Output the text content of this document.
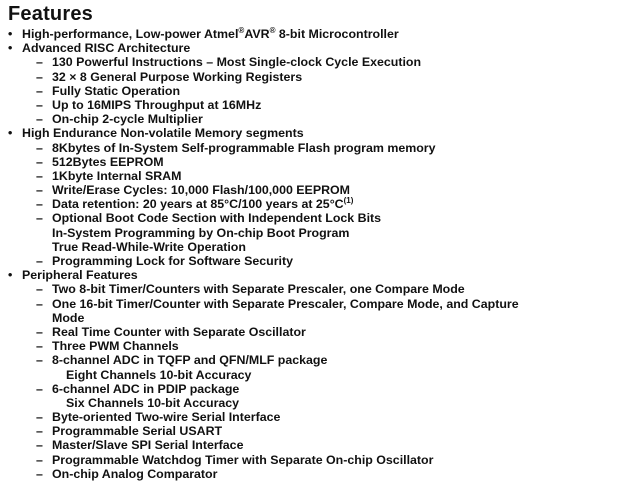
Features
• High-performance, Low-power Atmel®AVR® 8-bit Microcontroller
• Advanced RISC Architecture
– 130 Powerful Instructions – Most Single-clock Cycle Execution
– 32 × 8 General Purpose Working Registers
– Fully Static Operation
– Up to 16MIPS Throughput at 16MHz
– On-chip 2-cycle Multiplier
• High Endurance Non-volatile Memory segments
– 8Kbytes of In-System Self-programmable Flash program memory
– 512Bytes EEPROM
– 1Kbyte Internal SRAM
– Write/Erase Cycles: 10,000 Flash/100,000 EEPROM
– Data retention: 20 years at 85°C/100 years at $25^\circ C^{(1)}$
– Optional Boot Code Section with Independent Lock Bits
In-System Programming by On-chip Boot Program
True Read-While-Write Operation
– Programming Lock for Software Security
• Peripheral Features
– Two 8-bit Timer/Counters with Separate Prescaler, one Compare Mode
– One 16-bit Timer/Counter with Separate Prescaler, Compare Mode, and Capture
Mode
– Real Time Counter with Separate Oscillator
– Three PWM Channels
– 8-channel ADC in TQFP and QFN/MLF package
Eight Channels 10-bit Accuracy
– 6-channel ADC in PDIP package
Six Channels 10-bit Accuracy
– Byte-oriented Two-wire Serial Interface
– Programmable Serial USART
– Master/Slave SPI Serial Interface
– Programmable Watchdog Timer with Separate On-chip Oscillator
– On-chip Analog Comparator
